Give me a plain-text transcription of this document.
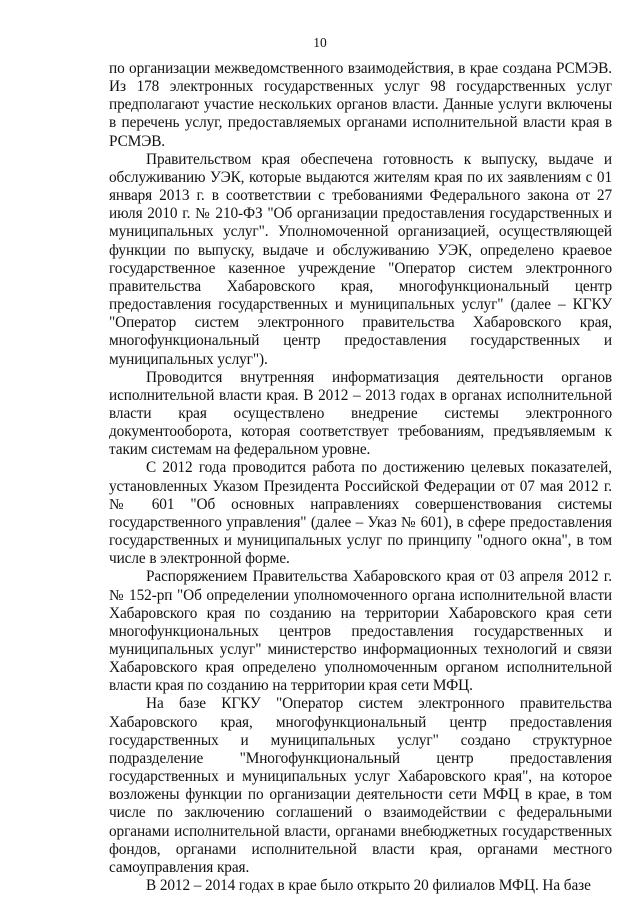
10

по организации межведомственного взаимодействия, в крае создана РСМЭВ. Из 178 электронных государственных услуг 98 государственных услуг предполагают участие нескольких органов власти. Данные услуги включены в перечень услуг, предоставляемых органами исполнительной власти края в РСМЭВ.

Правительством края обеспечена готовность к выпуску, выдаче и обслуживанию УЭК, которые выдаются жителям края по их заявлениям с 01 января 2013 г. в соответствии с требованиями Федерального закона от 27 июля 2010 г. № 210-ФЗ "Об организации предоставления государственных и муниципальных услуг". Уполномоченной организацией, осуществляющей функции по выпуску, выдаче и обслуживанию УЭК, определено краевое государственное казенное учреждение "Оператор систем электронного правительства Хабаровского края, многофункциональный центр предоставления государственных и муниципальных услуг" (далее – КГКУ "Оператор систем электронного правительства Хабаровского края, многофункциональный центр предоставления государственных и муниципальных услуг").

Проводится внутренняя информатизация деятельности органов исполнительной власти края. В 2012 – 2013 годах в органах исполнительной власти края осуществлено внедрение системы электронного документооборота, которая соответствует требованиям, предъявляемым к таким системам на федеральном уровне.

С 2012 года проводится работа по достижению целевых показателей, установленных Указом Президента Российской Федерации от 07 мая 2012 г. № 601 "Об основных направлениях совершенствования системы государственного управления" (далее – Указ № 601), в сфере предоставления государственных и муниципальных услуг по принципу "одного окна", в том числе в электронной форме.

Распоряжением Правительства Хабаровского края от 03 апреля 2012 г. № 152-рп "Об определении уполномоченного органа исполнительной власти Хабаровского края по созданию на территории Хабаровского края сети многофункциональных центров предоставления государственных и муниципальных услуг" министерство информационных технологий и связи Хабаровского края определено уполномоченным органом исполнительной власти края по созданию на территории края сети МФЦ.

На базе КГКУ "Оператор систем электронного правительства Хабаровского края, многофункциональный центр предоставления государственных и муниципальных услуг" создано структурное подразделение "Многофункциональный центр предоставления государственных и муниципальных услуг Хабаровского края", на которое возложены функции по организации деятельности сети МФЦ в крае, в том числе по заключению соглашений о взаимодействии с федеральными органами исполнительной власти, органами внебюджетных государственных фондов, органами исполнительной власти края, органами местного самоуправления края.

В 2012 – 2014 годах в крае было открыто 20 филиалов МФЦ. На базе
